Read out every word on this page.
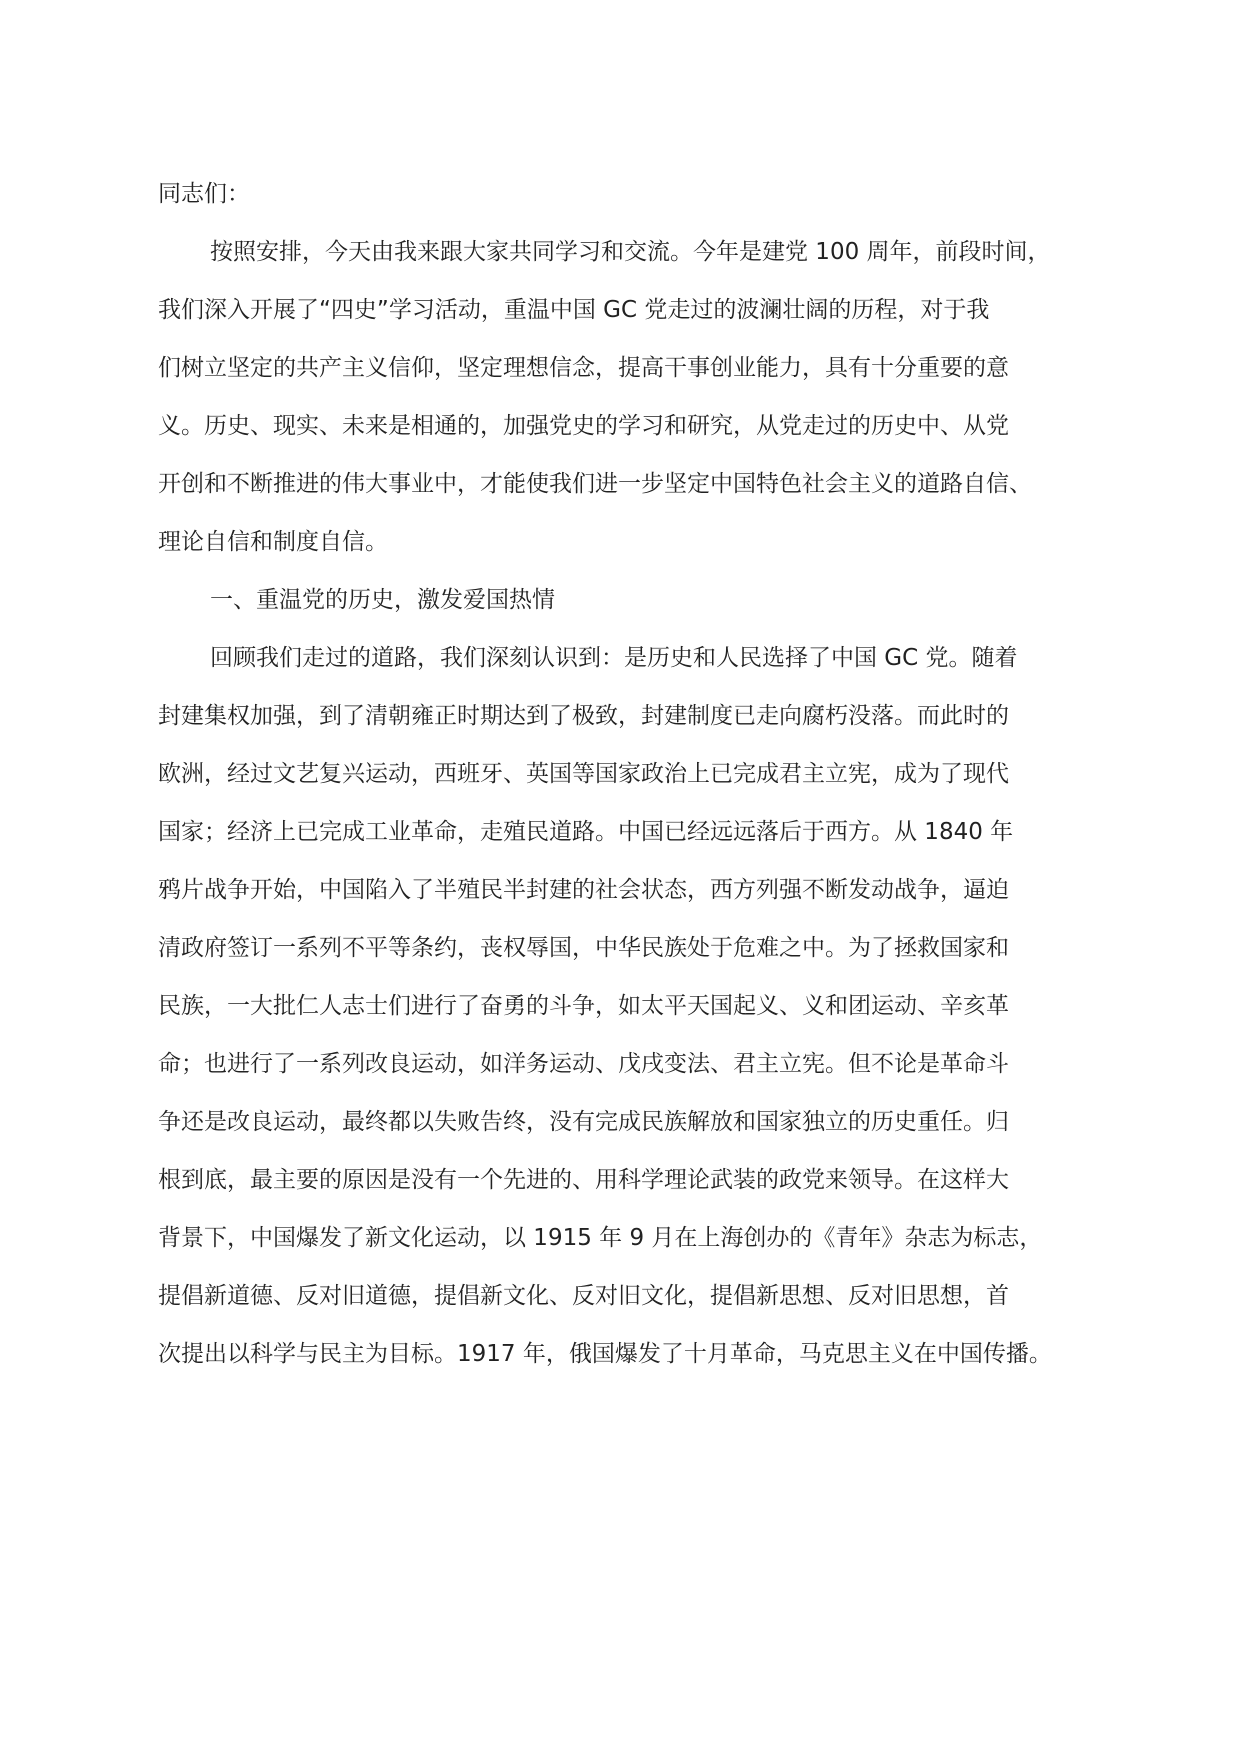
同志们：
按照安排，今天由我来跟大家共同学习和交流。今年是建党 100 周年，前段时间，
我们深入开展了“四史”学习活动，重温中国 GC 党走过的波澜壮阔的历程，对于我
们树立坚定的共产主义信仰，坚定理想信念，提高干事创业能力，具有十分重要的意
义。历史、现实、未来是相通的，加强党史的学习和研究，从党走过的历史中、从党
开创和不断推进的伟大事业中，才能使我们进一步坚定中国特色社会主义的道路自信、
理论自信和制度自信。
一、重温党的历史，激发爱国热情
回顾我们走过的道路，我们深刻认识到：是历史和人民选择了中国 GC 党。随着
封建集权加强，到了清朝雍正时期达到了极致，封建制度已走向腐朽没落。而此时的
欧洲，经过文艺复兴运动，西班牙、英国等国家政治上已完成君主立宪，成为了现代
国家；经济上已完成工业革命，走殖民道路。中国已经远远落后于西方。从 1840 年
鸦片战争开始，中国陷入了半殖民半封建的社会状态，西方列强不断发动战争，逼迫
清政府签订一系列不平等条约，丧权辱国，中华民族处于危难之中。为了拯救国家和
民族，一大批仁人志士们进行了奋勇的斗争，如太平天国起义、义和团运动、辛亥革
命；也进行了一系列改良运动，如洋务运动、戊戌变法、君主立宪。但不论是革命斗
争还是改良运动，最终都以失败告终，没有完成民族解放和国家独立的历史重任。归
根到底，最主要的原因是没有一个先进的、用科学理论武装的政党来领导。在这样大
背景下，中国爆发了新文化运动，以 1915 年 9 月在上海创办的《青年》杂志为标志，
提倡新道德、反对旧道德，提倡新文化、反对旧文化，提倡新思想、反对旧思想，首
次提出以科学与民主为目标。1917 年，俄国爆发了十月革命，马克思主义在中国传播。
